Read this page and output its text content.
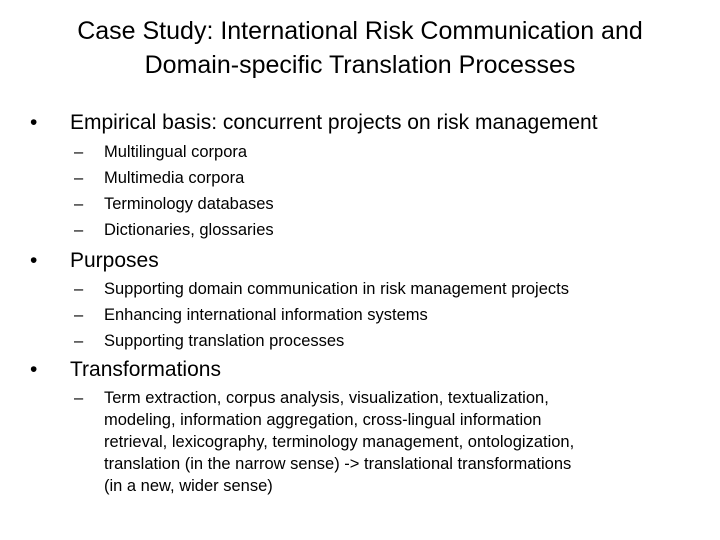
Case Study: International Risk Communication and
Domain-specific Translation Processes
• Empirical basis: concurrent projects on risk management
– Multilingual corpora
– Multimedia corpora
– Terminology databases
– Dictionaries, glossaries
• Purposes
– Supporting domain communication in risk management projects
– Enhancing international information systems
– Supporting translation processes
• Transformations
– Term extraction, corpus analysis, visualization, textualization,
modeling, information aggregation, cross-lingual information
retrieval, lexicography, terminology management, ontologization,
translation (in the narrow sense) -> translational transformations
(in a new, wider sense)
